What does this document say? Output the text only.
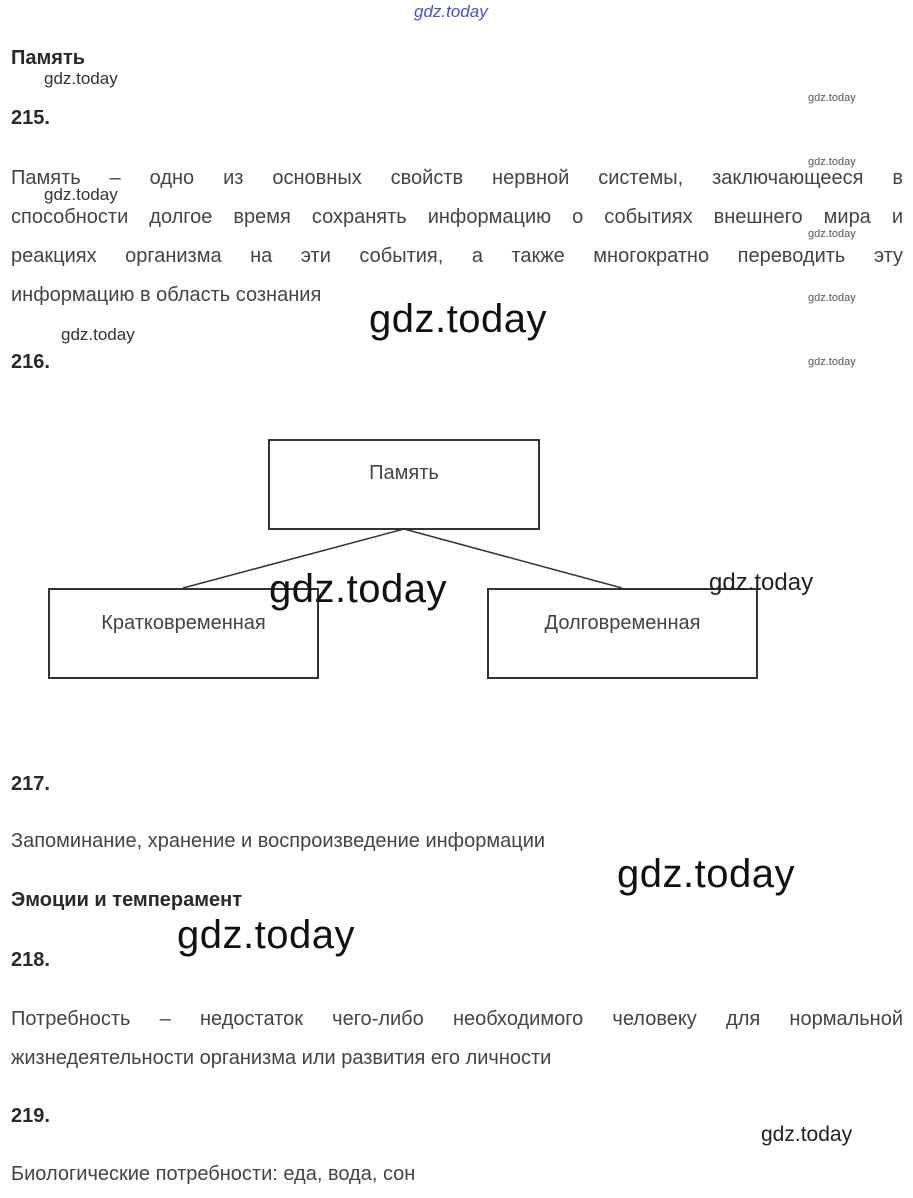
gdz.today
Память
gdz.today
gdz.today
215.
Память – одно из основных свойств нервной системы, заключающееся в
способности долгое время сохранять информацию о событиях внешнего мира и
реакциях организма на эти события, а также многократно переводить эту
информацию в область сознания
gdz.today
gdz.today
gdz.today
gdz.today
gdz.today
gdz.today
216.	gdz.today
Память
Кратковременная	Долговременная
gdz.today	gdz.today
217.
Запоминание, хранение и воспроизведение информации
gdz.today
Эмоции и темперамент
gdz.today
218.
Потребность – недостаток чего-либо необходимого человеку для нормальной
жизнедеятельности организма или развития его личности
219.
gdz.today
Биологические потребности: еда, вода, сон
